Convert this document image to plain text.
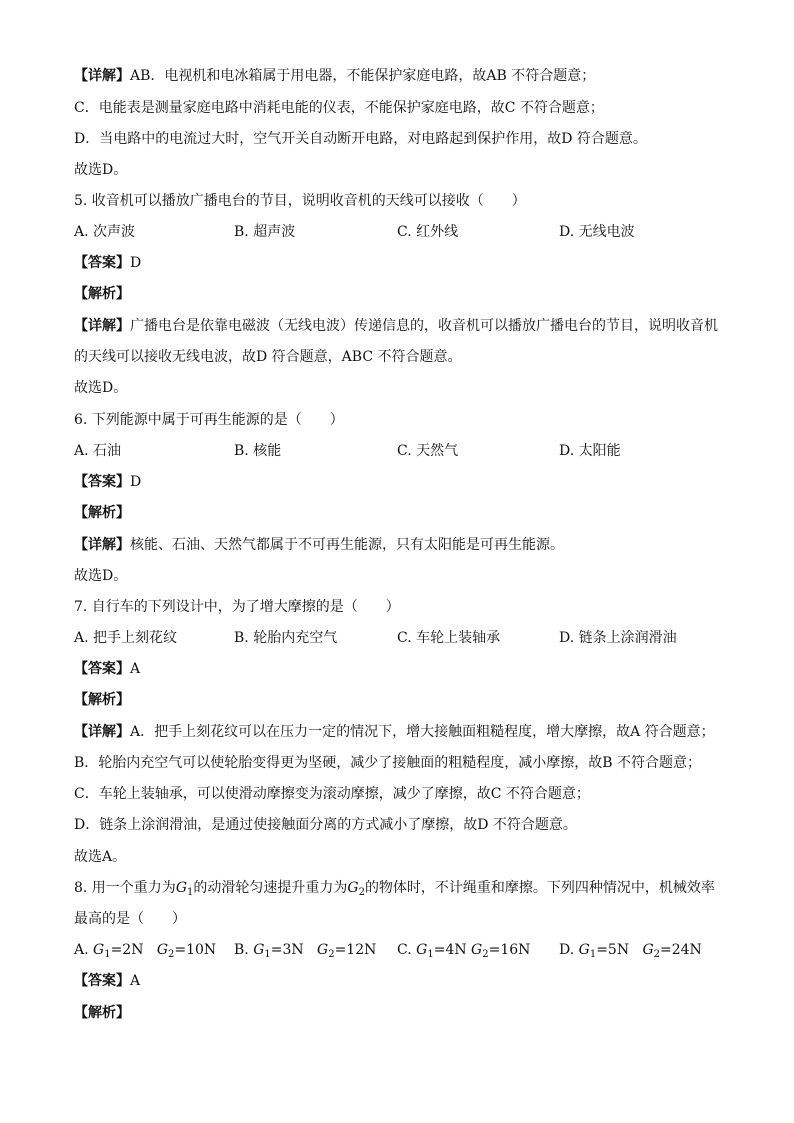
【详解】AB．电视机和电冰箱属于用电器，不能保护家庭电路，故AB 不符合题意；
C．电能表是测量家庭电路中消耗电能的仪表，不能保护家庭电路，故C 不符合题意；
D．当电路中的电流过大时，空气开关自动断开电路，对电路起到保护作用，故D 符合题意。
故选D。
5. 收音机可以播放广播电台的节目，说明收音机的天线可以接收（　　）
A. 次声波	B. 超声波	C. 红外线	D. 无线电波
【答案】D
【解析】
【详解】广播电台是依靠电磁波（无线电波）传递信息的，收音机可以播放广播电台的节目，说明收音机
的天线可以接收无线电波，故D 符合题意，ABC 不符合题意。
故选D。
6. 下列能源中属于可再生能源的是（　　）
A. 石油	B. 核能	C. 天然气	D. 太阳能
【答案】D
【解析】
【详解】核能、石油、天然气都属于不可再生能源，只有太阳能是可再生能源。
故选D。
7. 自行车的下列设计中，为了增大摩擦的是（　　）
A. 把手上刻花纹	B. 轮胎内充空气	C. 车轮上装轴承	D. 链条上涂润滑油
【答案】A
【解析】
【详解】A．把手上刻花纹可以在压力一定的情况下，增大接触面粗糙程度，增大摩擦，故A 符合题意；
B．轮胎内充空气可以使轮胎变得更为坚硬，减少了接触面的粗糙程度，减小摩擦，故B 不符合题意；
C．车轮上装轴承，可以使滑动摩擦变为滚动摩擦，减少了摩擦，故C 不符合题意；
D．链条上涂润滑油，是通过使接触面分离的方式减小了摩擦，故D 不符合题意。
故选A。
8. 用一个重力为$G_1$的动滑轮匀速提升重力为$G_2$的物体时，不计绳重和摩擦。下列四种情况中，机械效率
最高的是（　　）
A. $G_1=2N$ $G_2=10N$ B. $G_1=3N$ $G_2=12N$ C. $G_1=4N$ $G_2=16N$ D. $G_1=5N$ $G_2=24N$
【答案】A
【解析】
